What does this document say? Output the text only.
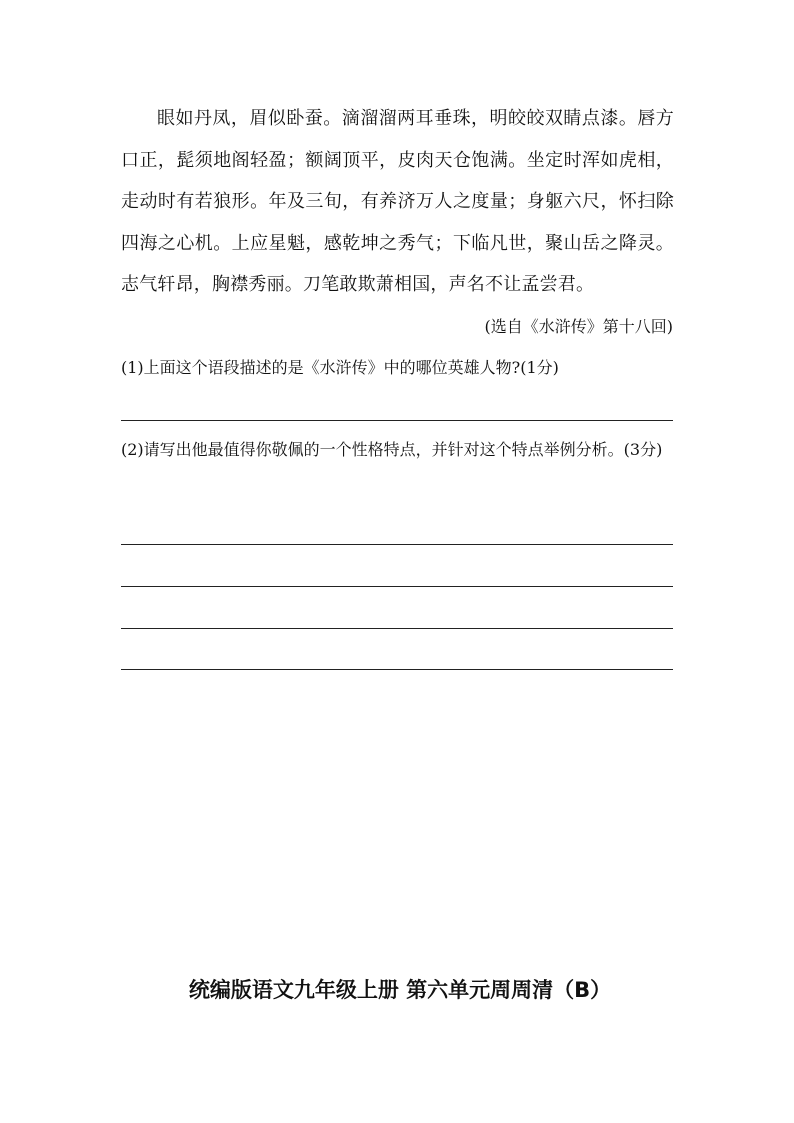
眼如丹凤，眉似卧蚕。滴溜溜两耳垂珠，明皎皎双睛点漆。唇方口正，髭须地阁轻盈；额阔顶平，皮肉天仓饱满。坐定时浑如虎相，走动时有若狼形。年及三旬，有养济万人之度量；身躯六尺，怀扫除四海之心机。上应星魁，感乾坤之秀气；下临凡世，聚山岳之降灵。志气轩昂，胸襟秀丽。刀笔敢欺萧相国，声名不让孟尝君。

(选自《水浒传》第十八回)

(1)上面这个语段描述的是《水浒传》中的哪位英雄人物?(1分)

(2)请写出他最值得你敬佩的一个性格特点，并针对这个特点举例分析。(3分)

统编版语文九年级上册 第六单元周周清（B）
